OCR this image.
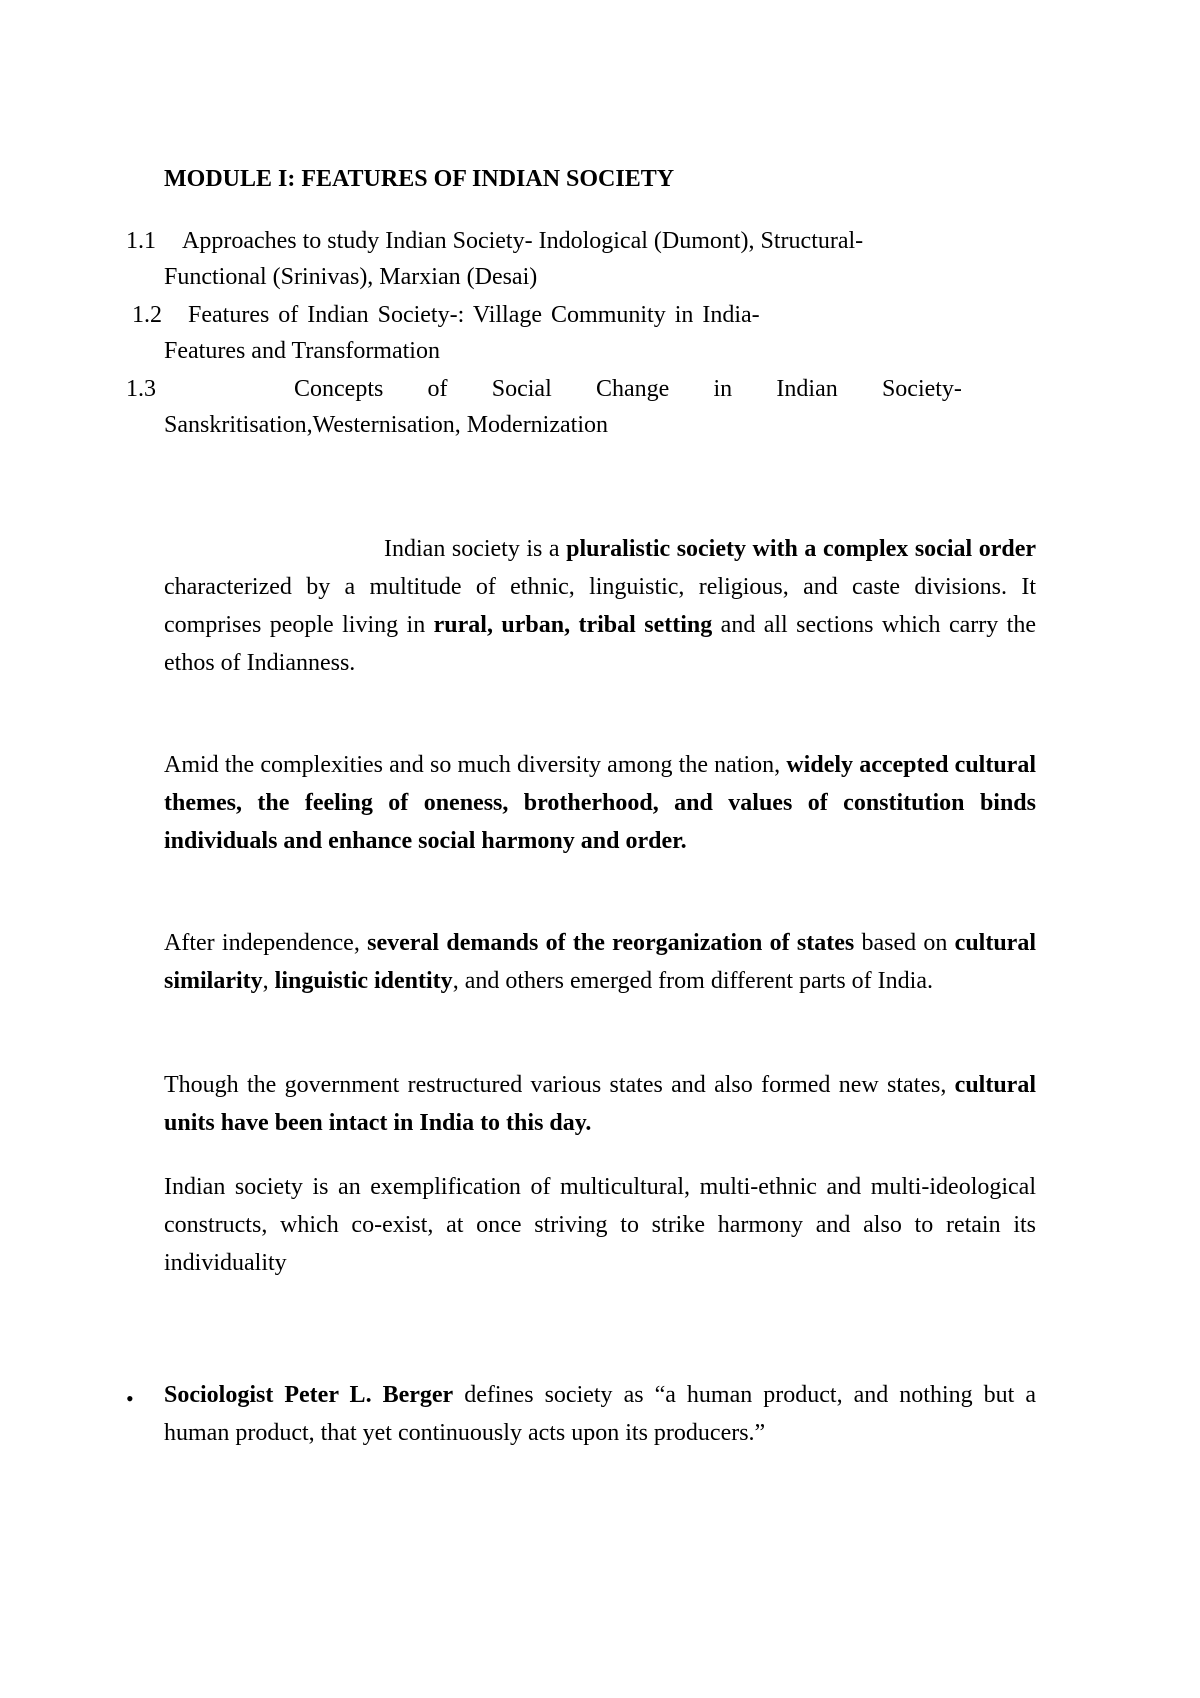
MODULE I: FEATURES OF INDIAN SOCIETY
1.1 Approaches to study Indian Society- Indological (Dumont), Structural-
Functional (Srinivas), Marxian (Desai)
1.2 Features of Indian Society-: Village Community in India-
Features and Transformation
1.3	Concepts of Social Change in Indian Society-
Sanskritisation,Westernisation, Modernization

Indian society is a pluralistic society with a complex social order characterized by a multitude of ethnic, linguistic, religious, and caste divisions. It comprises people living in rural, urban, tribal setting and all sections which carry the ethos of Indianness.

Amid the complexities and so much diversity among the nation, widely accepted cultural themes, the feeling of oneness, brotherhood, and values of constitution binds individuals and enhance social harmony and order.

After independence, several demands of the reorganization of states based on cultural similarity, linguistic identity, and others emerged from different parts of India.

Though the government restructured various states and also formed new states, cultural units have been intact in India to this day.

Indian society is an exemplification of multicultural, multi-ethnic and multi-ideological constructs, which co-exist, at once striving to strike harmony and also to retain its individuality

• Sociologist Peter L. Berger defines society as “a human product, and nothing but a human product, that yet continuously acts upon its producers.”
